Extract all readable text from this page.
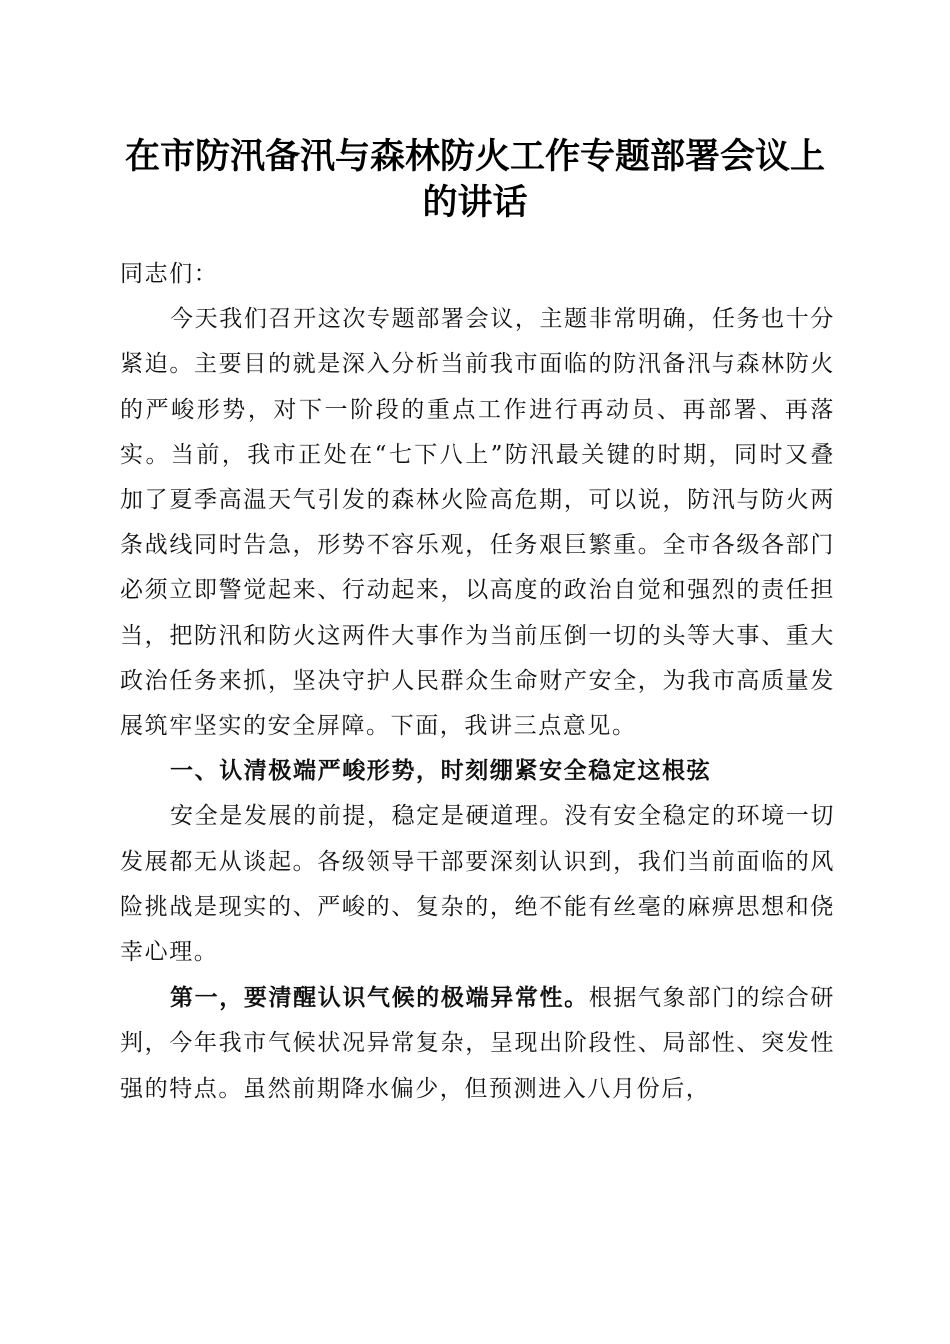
在市防汛备汛与森林防火工作专题部署会议上
的讲话

同志们：

今天我们召开这次专题部署会议，主题非常明确，任务也十分紧迫。主要目的就是深入分析当前我市面临的防汛备汛与森林防火的严峻形势，对下一阶段的重点工作进行再动员、再部署、再落实。当前，我市正处在“七下八上”防汛最关键的时期，同时又叠加了夏季高温天气引发的森林火险高危期，可以说，防汛与防火两条战线同时告急，形势不容乐观，任务艰巨繁重。全市各级各部门必须立即警觉起来、行动起来，以高度的政治自觉和强烈的责任担当，把防汛和防火这两件大事作为当前压倒一切的头等大事、重大政治任务来抓，坚决守护人民群众生命财产安全，为我市高质量发展筑牢坚实的安全屏障。下面，我讲三点意见。

一、认清极端严峻形势，时刻绷紧安全稳定这根弦

安全是发展的前提，稳定是硬道理。没有安全稳定的环境一切发展都无从谈起。各级领导干部要深刻认识到，我们当前面临的风险挑战是现实的、严峻的、复杂的，绝不能有丝毫的麻痹思想和侥幸心理。

第一，要清醒认识气候的极端异常性。根据气象部门的综合研判，今年我市气候状况异常复杂，呈现出阶段性、局部性、突发性强的特点。虽然前期降水偏少，但预测进入八月份后，
